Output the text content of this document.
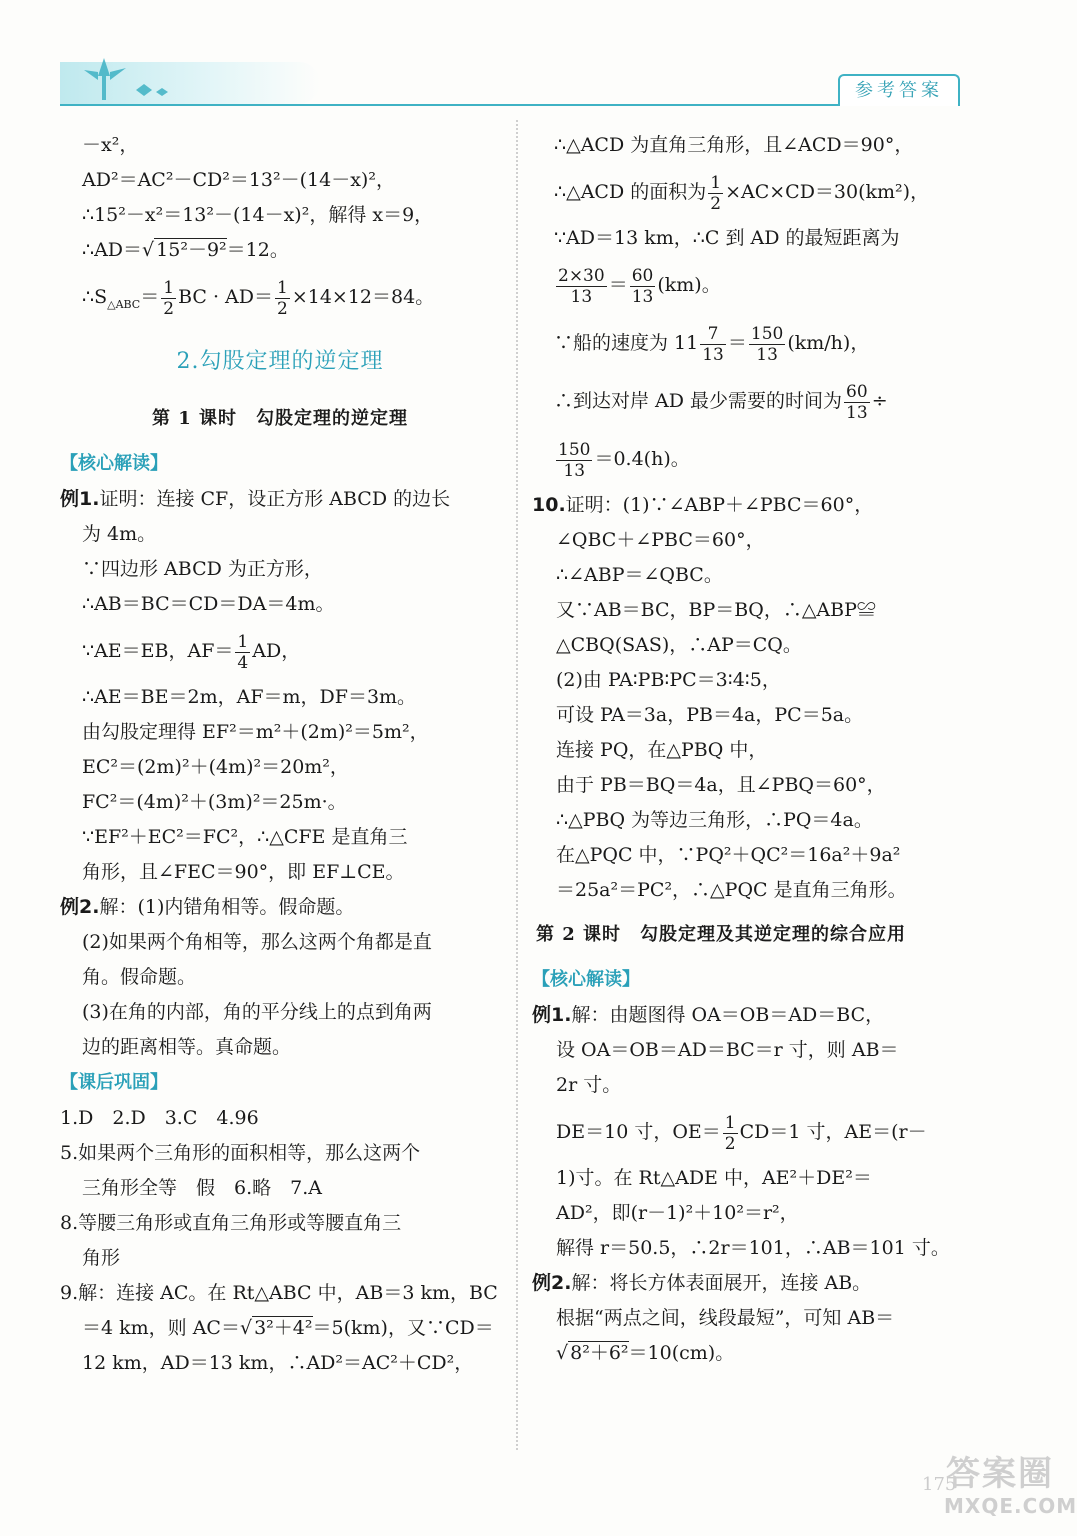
参考答案
－x²，
AD²＝AC²－CD²＝13²－(14－x)²，
∴15²－x²＝13²－(14－x)²，解得 x＝9，
∴AD＝√ 15²－9²＝12。
$\therefore S_{\triangle ABC}= \frac{1}{2}$ BC · $AD= \frac{1}{2} \times 14\times 12=84$。
2.勾股定理的逆定理
第 1 课时　勾股定理的逆定理
【核心解读】
例1.证明：连接 CF，设正方形 ABCD 的边长
为 4m。
∵四边形 ABCD 为正方形，
∴AB＝BC＝CD＝DA＝4m。
∵AE＝EB，$AF= \frac{1}{4}$ AD，
∴AE＝BE＝2m，AF＝m，DF＝3m。
由勾股定理得 EF²＝m²＋(2m)²＝5m²，
EC²＝(2m)²＋(4m)²＝20m²，
FC²＝(4m)²＋(3m)²＝25m·。
∵EF²＋EC²＝FC²，∴△CFE 是直角三
角形，且∠FEC＝90°，即 EF⊥CE。
例2.解：(1)内错角相等。假命题。
(2)如果两个角相等，那么这两个角都是直
角。假命题。
(3)在角的内部，角的平分线上的点到角两
边的距离相等。真命题。
【课后巩固】
1.D　2.D　3.C　4.96
5.如果两个三角形的面积相等，那么这两个
三角形全等　假　6.略　7.A
8.等腰三角形或直角三角形或等腰直角三
角形
9.解：连接 AC。在 Rt△ABC 中，AB＝3 km，BC
＝4 km，则 AC＝√ 3²＋4²＝5(km)，又∵CD＝
12 km，AD＝13 km，∴AD²＝AC²＋CD²，
∴△ACD 为直角三角形，且∠ACD＝90°，
∴△ACD 的面积为 $\frac{1}{2} \times AC\times CD=30(km^2)$，
∵AD＝13 km，∴C 到 AD 的最短距离为
$\frac{2\times 30}{13} = \frac{60}{13} (km)$。
∵船的速度为 $11 \frac{7}{13} = \frac{150}{13} (km/h)$，
∴到达对岸 AD 最少需要的时间为 $\frac{60}{13}$ ÷
$\frac{150}{13} =0.4(h)$。
10.证明：(1)∵∠ABP＋∠PBC＝60°，
∠QBC＋∠PBC＝60°，
∴∠ABP＝∠QBC。
又∵AB＝BC，BP＝BQ，∴△ABP≌
△CBQ(SAS)，∴AP＝CQ。
(2)由 PA∶PB∶PC＝3∶4∶5，
可设 PA＝3a，PB＝4a，PC＝5a。
连接 PQ，在△PBQ 中，
由于 PB＝BQ＝4a，且∠PBQ＝60°，
∴△PBQ 为等边三角形，∴PQ＝4a。
在△PQC 中，∵PQ²＋QC²＝16a²＋9a²
＝25a²＝PC²，∴△PQC 是直角三角形。
第 2 课时　勾股定理及其逆定理的综合应用
【核心解读】
例1.解：由题图得 OA＝OB＝AD＝BC，
设 OA＝OB＝AD＝BC＝r 寸，则 AB＝
2r 寸。
DE＝10 寸，$OE= \frac{1}{2} CD=1$ 寸，AE＝(r－
1)寸。在 Rt△ADE 中，AE²＋DE²＝
AD²，即(r－1)²＋10²＝r²，
解得 r＝50.5，∴2r＝101，∴AB＝101 寸。
例2.解：将长方体表面展开，连接 AB。
根据“两点之间，线段最短”，可知 AB＝
√ 8²＋6²＝10(cm)。
175
答案圈
MXQE.COM
